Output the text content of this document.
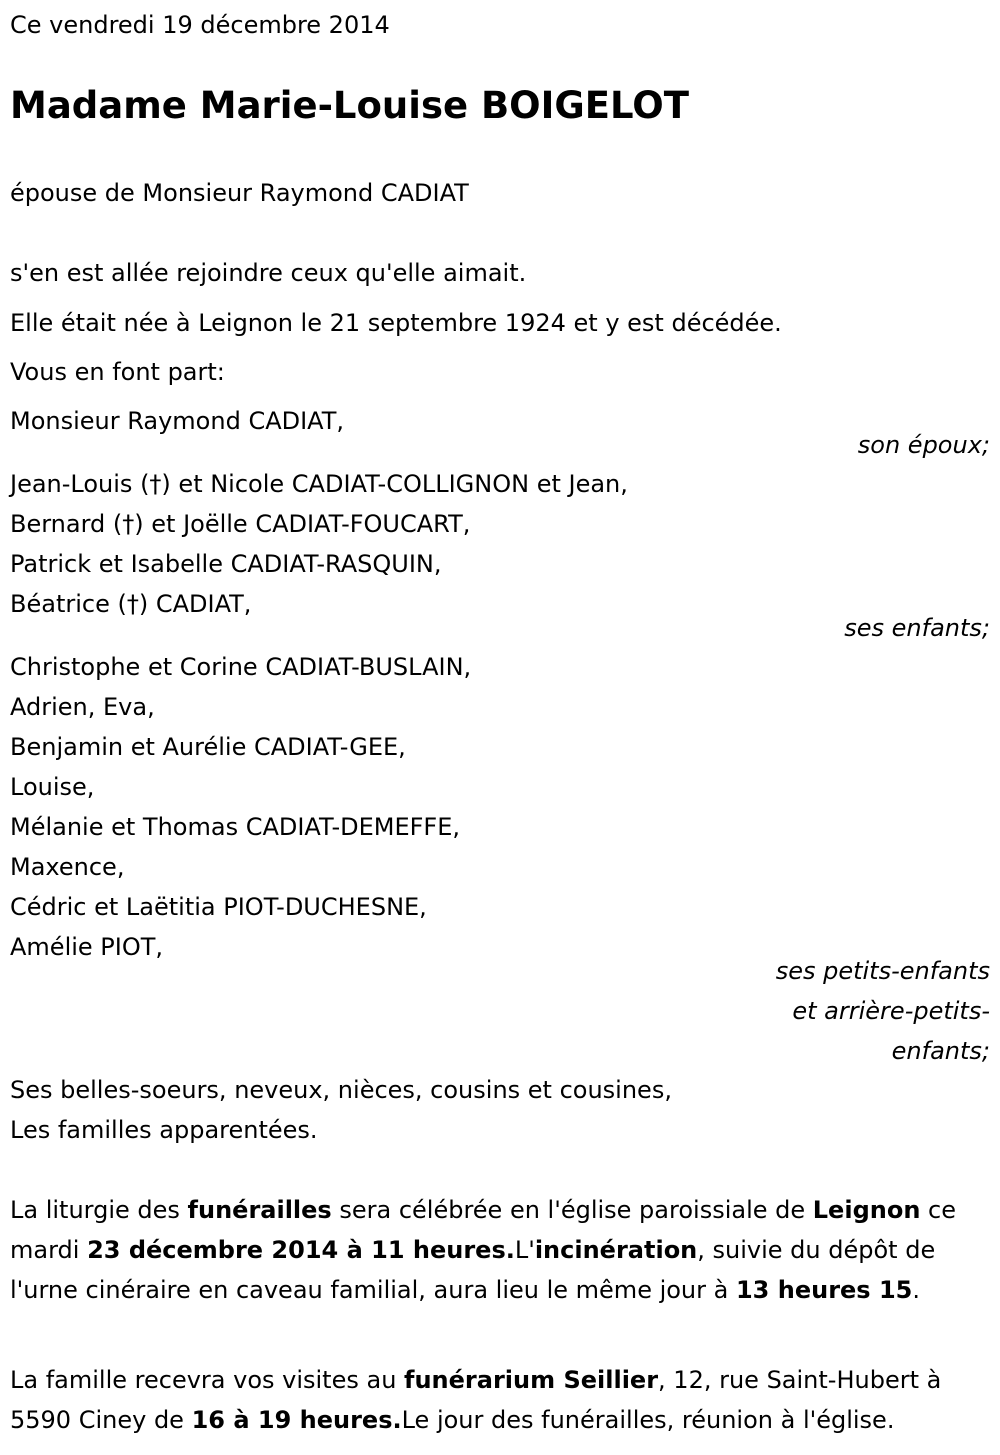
Ce vendredi 19 décembre 2014
Madame Marie-Louise BOIGELOT
épouse de Monsieur Raymond CADIAT
s'en est allée rejoindre ceux qu'elle aimait.
Elle était née à Leignon le 21 septembre 1924 et y est décédée.
Vous en font part:
Monsieur Raymond CADIAT,
son époux;
Jean-Louis (†) et Nicole CADIAT-COLLIGNON et Jean,
Bernard (†) et Joëlle CADIAT-FOUCART,
Patrick et Isabelle CADIAT-RASQUIN,
Béatrice (†) CADIAT,
ses enfants;
Christophe et Corine CADIAT-BUSLAIN,
Adrien, Eva,
Benjamin et Aurélie CADIAT-GEE,
Louise,
Mélanie et Thomas CADIAT-DEMEFFE,
Maxence,
Cédric et Laëtitia PIOT-DUCHESNE,
Amélie PIOT,
ses petits-enfants
et arrière-petits-
enfants;
Ses belles-soeurs, neveux, nièces, cousins et cousines,
Les familles apparentées.
La liturgie des funérailles sera célébrée en l'église paroissiale de Leignon ce mardi 23 décembre 2014 à 11 heures.L'incinération, suivie du dépôt de l'urne cinéraire en caveau familial, aura lieu le même jour à 13 heures 15.
La famille recevra vos visites au funérarium Seillier, 12, rue Saint-Hubert à 5590 Ciney de 16 à 19 heures.Le jour des funérailles, réunion à l'église.
